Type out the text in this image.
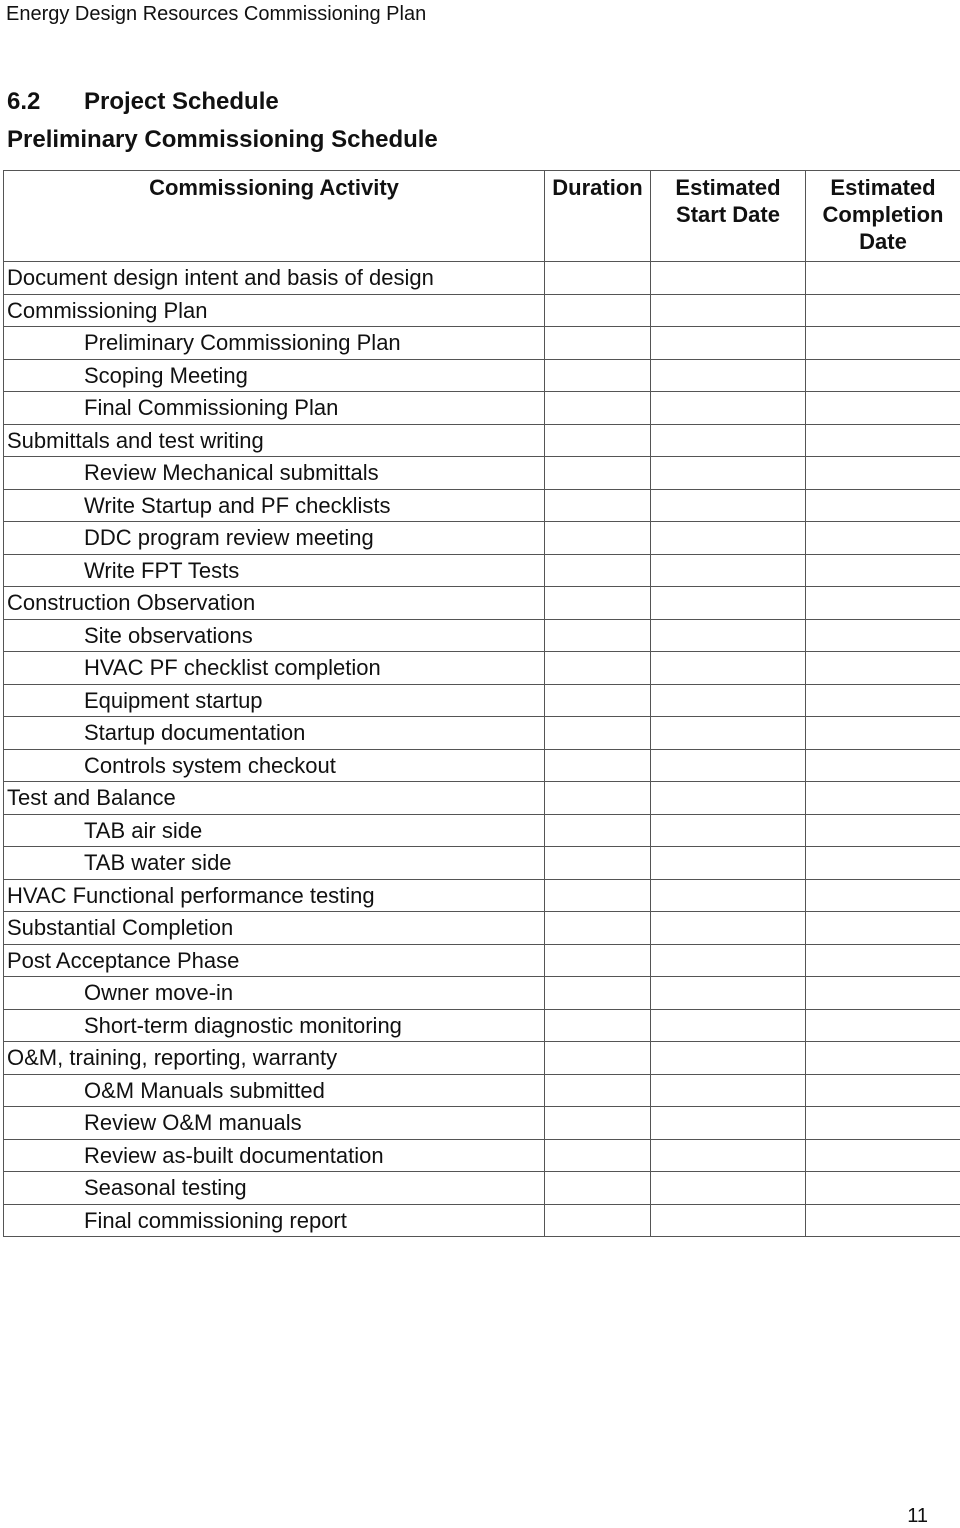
Energy Design Resources Commissioning Plan
6.2 Project Schedule
Preliminary Commissioning Schedule
Commissioning Activity	Duration	Estimated Start Date	Estimated Completion Date
Document design intent and basis of design			
Commissioning Plan			
Preliminary Commissioning Plan			
Scoping Meeting			
Final Commissioning Plan			
Submittals and test writing			
Review Mechanical submittals			
Write Startup and PF checklists			
DDC program review meeting			
Write FPT Tests			
Construction Observation			
Site observations			
HVAC PF checklist completion			
Equipment startup			
Startup documentation			
Controls system checkout			
Test and Balance			
TAB air side			
TAB water side			
HVAC Functional performance testing			
Substantial Completion			
Post Acceptance Phase			
Owner move-in			
Short-term diagnostic monitoring			
O&M, training, reporting, warranty			
O&M Manuals submitted			
Review O&M manuals			
Review as-built documentation			
Seasonal testing			
Final commissioning report			
11
